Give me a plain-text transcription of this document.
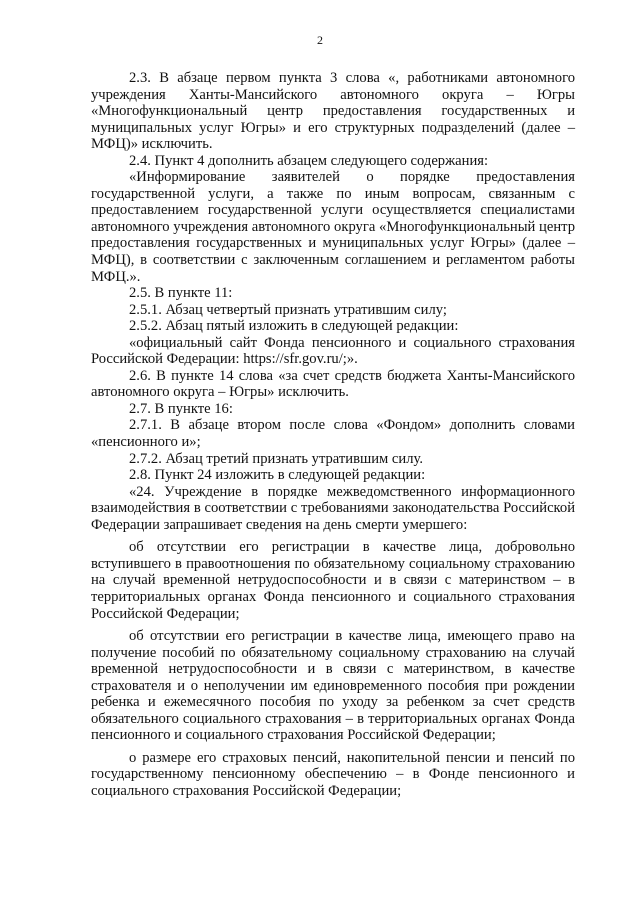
2

2.3. В абзаце первом пункта 3 слова «, работниками автономного учреждения Ханты-Мансийского автономного округа – Югры «Многофункциональный центр предоставления государственных и муниципальных услуг Югры» и его структурных подразделений (далее – МФЦ)» исключить.

2.4. Пункт 4 дополнить абзацем следующего содержания:

«Информирование заявителей о порядке предоставления государственной услуги, а также по иным вопросам, связанным с предоставлением государственной услуги осуществляется специалистами автономного учреждения автономного округа «Многофункциональный центр предоставления государственных и муниципальных услуг Югры» (далее – МФЦ), в соответствии с заключенным соглашением и регламентом работы МФЦ.».

2.5. В пункте 11:

2.5.1. Абзац четвертый признать утратившим силу;

2.5.2. Абзац пятый изложить в следующей редакции:

«официальный сайт Фонда пенсионного и социального страхования Российской Федерации: https://sfr.gov.ru/;».

2.6. В пункте 14 слова «за счет средств бюджета Ханты-Мансийского автономного округа – Югры» исключить.

2.7. В пункте 16:

2.7.1. В абзаце втором после слова «Фондом» дополнить словами «пенсионного и»;

2.7.2. Абзац третий признать утратившим силу.

2.8. Пункт 24 изложить в следующей редакции:

«24. Учреждение в порядке межведомственного информационного взаимодействия в соответствии с требованиями законодательства Российской Федерации запрашивает сведения на день смерти умершего:

об отсутствии его регистрации в качестве лица, добровольно вступившего в правоотношения по обязательному социальному страхованию на случай временной нетрудоспособности и в связи с материнством – в территориальных органах Фонда пенсионного и социального страхования Российской Федерации;

об отсутствии его регистрации в качестве лица, имеющего право на получение пособий по обязательному социальному страхованию на случай временной нетрудоспособности и в связи с материнством, в качестве страхователя и о неполучении им единовременного пособия при рождении ребенка и ежемесячного пособия по уходу за ребенком за счет средств обязательного социального страхования – в территориальных органах Фонда пенсионного и социального страхования Российской Федерации;

о размере его страховых пенсий, накопительной пенсии и пенсий по государственному пенсионному обеспечению – в Фонде пенсионного и социального страхования Российской Федерации;
